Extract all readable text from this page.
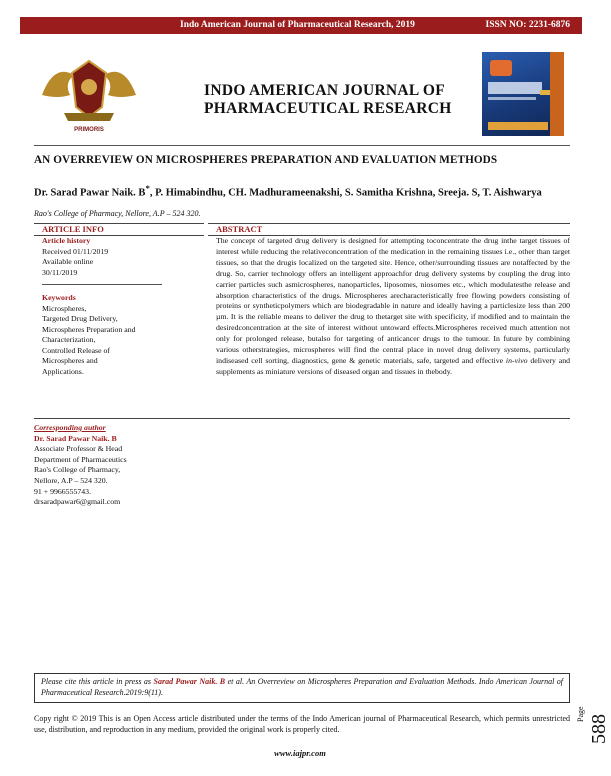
Indo American Journal of Pharmaceutical Research, 2019	ISSN NO: 2231-6876
PRIMORIS
INDO AMERICAN JOURNAL OF
PHARMACEUTICAL RESEARCH
AN OVERREVIEW ON MICROSPHERES PREPARATION AND EVALUATION METHODS
Dr. Sarad Pawar Naik. B*, P. Himabindhu, CH. Madhurameenakshi, S. Samitha Krishna, Sreeja. S, T. Aishwarya
Rao's College of Pharmacy, Nellore, A.P – 524 320.
ARTICLE INFO	ABSTRACT
Article history
Received 01/11/2019
Available online
30/11/2019
Keywords
Microspheres,
Targeted Drug Delivery,
Microspheres Preparation and
Characterization,
Controlled Release of
Microspheres and
Applications.
The concept of targeted drug delivery is designed for attempting toconcentrate the drug inthe target tissues of interest while reducing the relativeconcentration of the medication in the remaining tissues i.e., other than target tissues, so that the drugis localized on the targeted site. Hence, other/surrounding tissues are notaffected by the drug. So, carrier technology offers an intelligent approachfor drug delivery systems by coupling the drug into carrier particles such asmicrospheres, nanoparticles, liposomes, niosomes etc., which modulatesthe release and absorption characteristics of the drugs. Microspheres arecharacteristically free flowing powders consisting of proteins or syntheticpolymers which are biodegradable in nature and ideally having a particlesize less than 200 µm. It is the reliable means to deliver the drug to thetarget site with specificity, if modified and to maintain the desiredconcentration at the site of interest without untoward effects.Microspheres received much attention not only for prolonged release, butalso for targeting of anticancer drugs to the tumour. In future by combining various otherstrategies, microspheres will find the central place in novel drug delivery systems, particularly indiseased cell sorting, diagnostics, gene & genetic materials, safe, targeted and effective in-vivo delivery and supplements as miniature versions of diseased organ and tissues in thebody.
Corresponding author
Dr. Sarad Pawar Naik. B
Associate Professor & Head
Department of Pharmaceutics
Rao's College of Pharmacy,
Nellore, A.P – 524 320.
91 + 9966555743.
drsaradpawar6@gmail.com
Please cite this article in press as Sarad Pawar Naik. B et al. An Overreview on Microspheres Preparation and Evaluation Methods. Indo American Journal of Pharmaceutical Research.2019:9(11).
Page 588
Copy right © 2019 This is an Open Access article distributed under the terms of the Indo American journal of Pharmaceutical Research, which permits unrestricted use, distribution, and reproduction in any medium, provided the original work is properly cited.
www.iajpr.com
